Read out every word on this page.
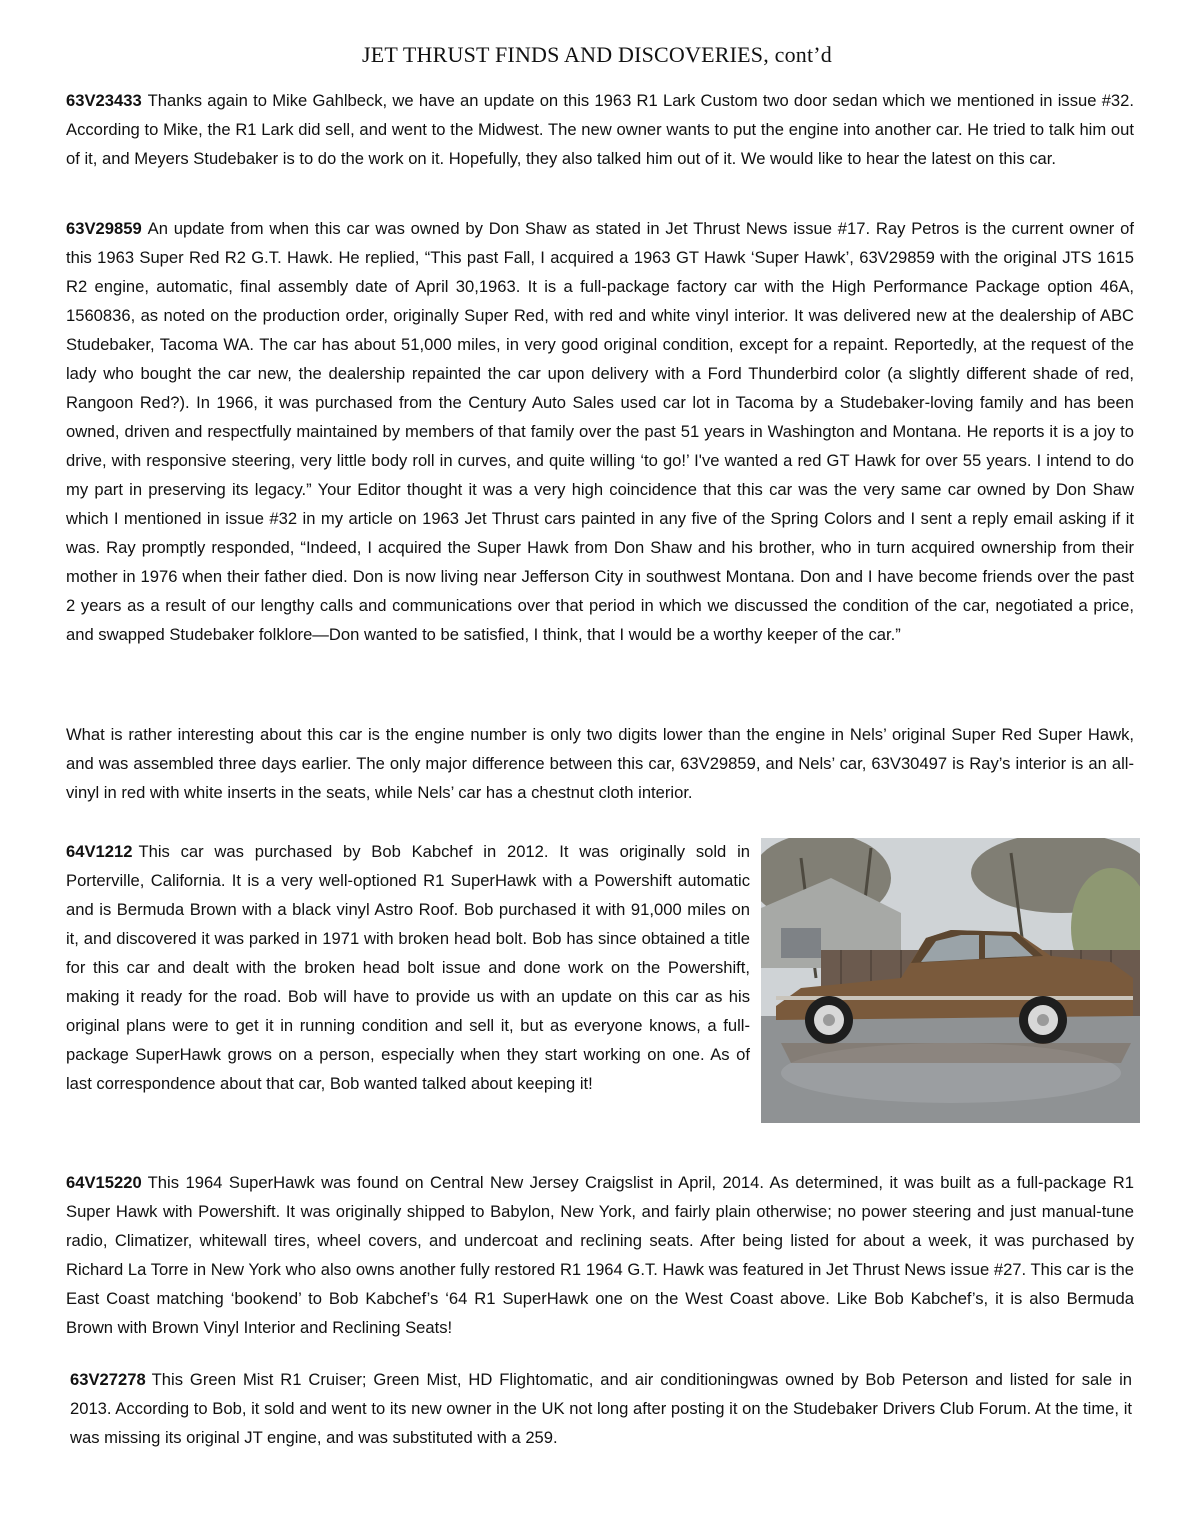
JET THRUST FINDS AND DISCOVERIES, cont’d
63V23433 Thanks again to Mike Gahlbeck, we have an update on this 1963 R1 Lark Custom two door sedan which we mentioned in issue #32. According to Mike, the R1 Lark did sell, and went to the Midwest. The new owner wants to put the engine into another car. He tried to talk him out of it, and Meyers Studebaker is to do the work on it. Hopefully, they also talked him out of it. We would like to hear the latest on this car.
63V29859 An update from when this car was owned by Don Shaw as stated in Jet Thrust News issue #17. Ray Petros is the current owner of this 1963 Super Red R2 G.T. Hawk. He replied, “This past Fall, I acquired a 1963 GT Hawk ‘Super Hawk’, 63V29859 with the original JTS 1615 R2 engine, automatic, final assembly date of April 30,1963. It is a full-package factory car with the High Performance Package option 46A, 1560836, as noted on the production order, originally Super Red, with red and white vinyl interior. It was delivered new at the dealership of ABC Studebaker, Tacoma WA. The car has about 51,000 miles, in very good original condition, except for a repaint. Reportedly, at the request of the lady who bought the car new, the dealership repainted the car upon delivery with a Ford Thunderbird color (a slightly different shade of red, Rangoon Red?). In 1966, it was purchased from the Century Auto Sales used car lot in Tacoma by a Studebaker-loving family and has been owned, driven and respectfully maintained by members of that family over the past 51 years in Washington and Montana. He reports it is a joy to drive, with responsive steering, very little body roll in curves, and quite willing ‘to go!’ I've wanted a red GT Hawk for over 55 years. I intend to do my part in preserving its legacy.” Your Editor thought it was a very high coincidence that this car was the very same car owned by Don Shaw which I mentioned in issue #32 in my article on 1963 Jet Thrust cars painted in any five of the Spring Colors and I sent a reply email asking if it was. Ray promptly responded, “Indeed, I acquired the Super Hawk from Don Shaw and his brother, who in turn acquired ownership from their mother in 1976 when their father died. Don is now living near Jefferson City in southwest Montana. Don and I have become friends over the past 2 years as a result of our lengthy calls and communications over that period in which we discussed the condition of the car, negotiated a price, and swapped Studebaker folklore—Don wanted to be satisfied, I think, that I would be a worthy keeper of the car.”
What is rather interesting about this car is the engine number is only two digits lower than the engine in Nels’ original Super Red Super Hawk, and was assembled three days earlier. The only major difference between this car, 63V29859, and Nels’ car, 63V30497 is Ray’s interior is an all-vinyl in red with white inserts in the seats, while Nels’ car has a chestnut cloth interior.
64V1212 This car was purchased by Bob Kabchef in 2012. It was originally sold in Porterville, California. It is a very well-optioned R1 SuperHawk with a Powershift automatic and is Bermuda Brown with a black vinyl Astro Roof. Bob purchased it with 91,000 miles on it, and discovered it was parked in 1971 with broken head bolt. Bob has since obtained a title for this car and dealt with the broken head bolt issue and done work on the Powershift, making it ready for the road. Bob will have to provide us with an update on this car as his original plans were to get it in running condition and sell it, but as everyone knows, a full-package SuperHawk grows on a person, especially when they start working on one. As of last correspondence about that car, Bob wanted talked about keeping it!
64V15220 This 1964 SuperHawk was found on Central New Jersey Craigslist in April, 2014. As determined, it was built as a full-package R1 Super Hawk with Powershift. It was originally shipped to Babylon, New York, and fairly plain otherwise; no power steering and just manual-tune radio, Climatizer, whitewall tires, wheel covers, and undercoat and reclining seats. After being listed for about a week, it was purchased by Richard La Torre in New York who also owns another fully restored R1 1964 G.T. Hawk was featured in Jet Thrust News issue #27. This car is the East Coast matching ‘bookend’ to Bob Kabchef’s ‘64 R1 SuperHawk one on the West Coast above. Like Bob Kabchef’s, it is also Bermuda Brown with Brown Vinyl Interior and Reclining Seats!
63V27278 This Green Mist R1 Cruiser; Green Mist, HD Flightomatic, and air conditioningwas owned by Bob Peterson and listed for sale in 2013. According to Bob, it sold and went to its new owner in the UK not long after posting it on the Studebaker Drivers Club Forum. At the time, it was missing its original JT engine, and was substituted with a 259.
